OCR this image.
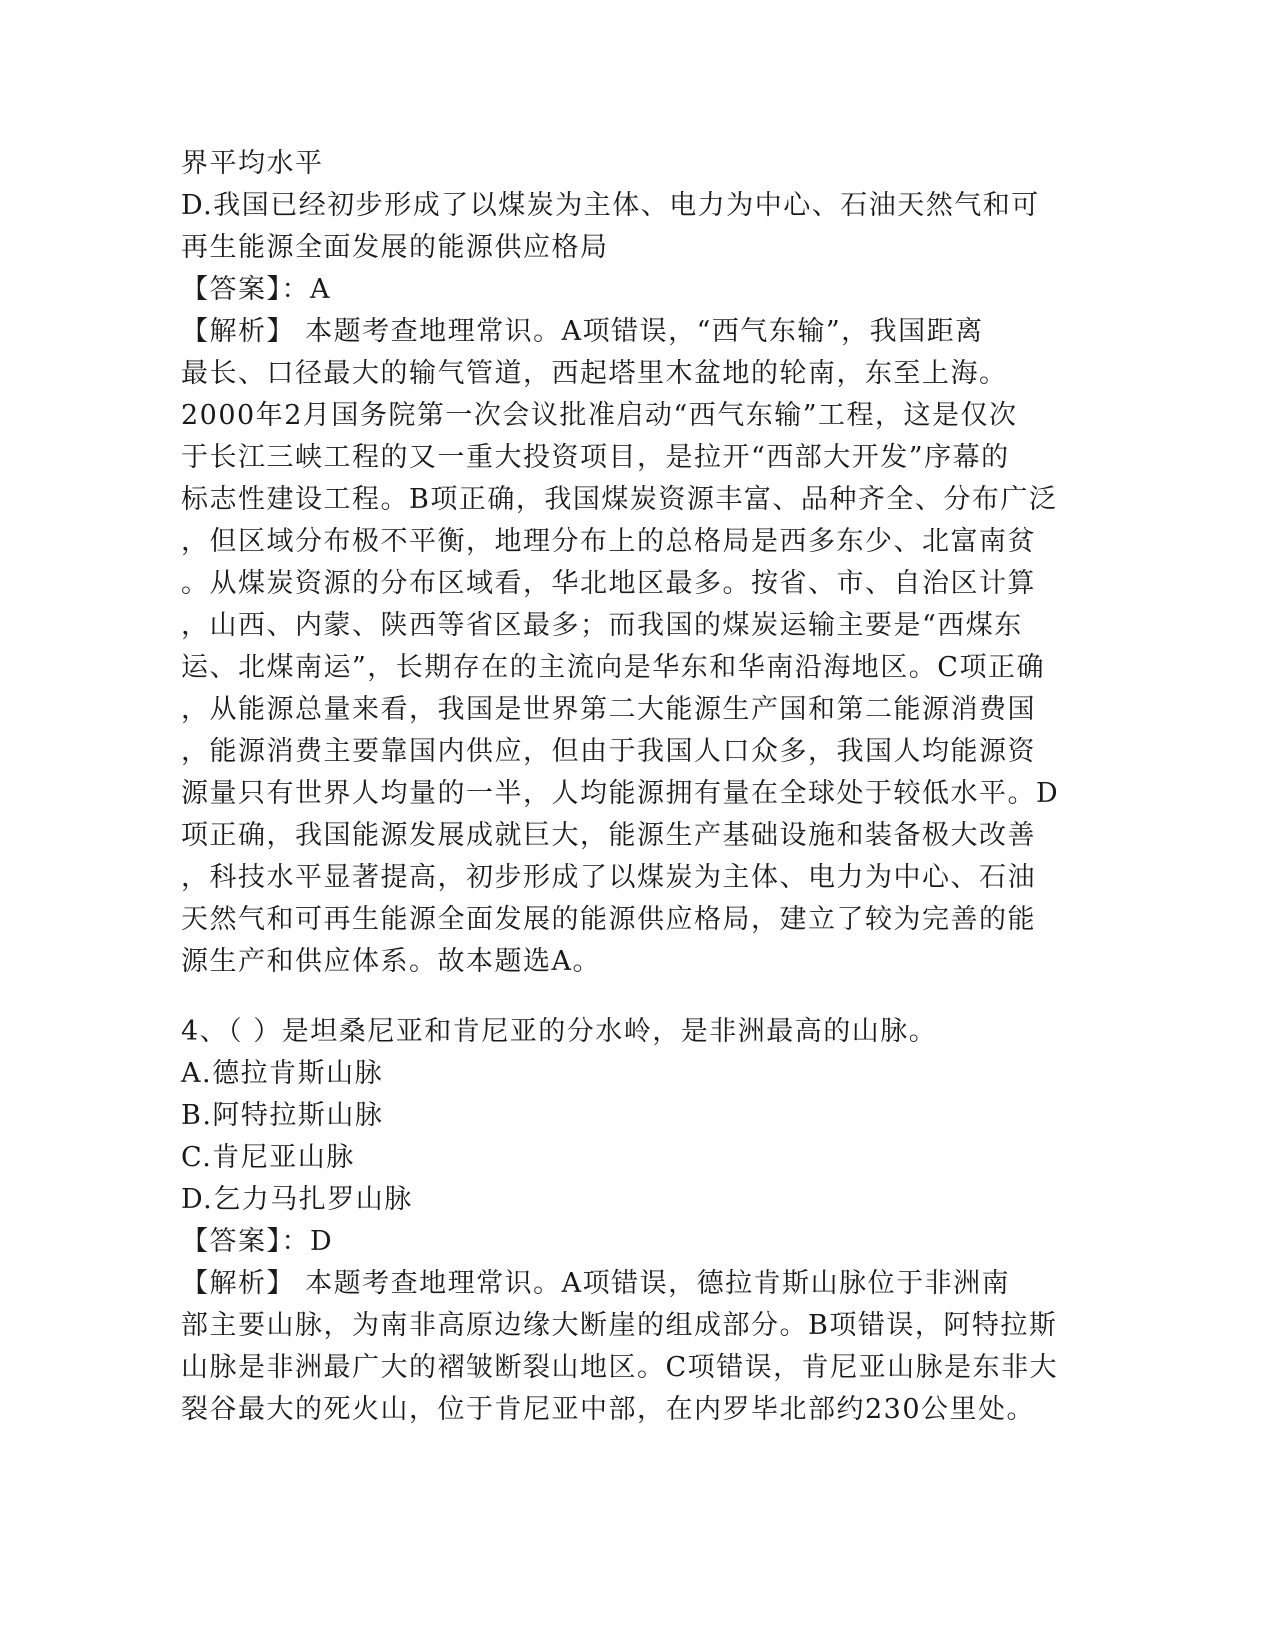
界平均水平
D.我国已经初步形成了以煤炭为主体、电力为中心、石油天然气和可
再生能源全面发展的能源供应格局
【答案】：A
【解析】 本题考查地理常识。A项错误，“西气东输”，我国距离
最长、口径最大的输气管道，西起塔里木盆地的轮南，东至上海。
2000年2月国务院第一次会议批准启动“西气东输”工程，这是仅次
于长江三峡工程的又一重大投资项目，是拉开“西部大开发”序幕的
标志性建设工程。B项正确，我国煤炭资源丰富、品种齐全、分布广泛
，但区域分布极不平衡，地理分布上的总格局是西多东少、北富南贫
。从煤炭资源的分布区域看，华北地区最多。按省、市、自治区计算
，山西、内蒙、陕西等省区最多；而我国的煤炭运输主要是“西煤东
运、北煤南运”，长期存在的主流向是华东和华南沿海地区。C项正确
，从能源总量来看，我国是世界第二大能源生产国和第二能源消费国
，能源消费主要靠国内供应，但由于我国人口众多，我国人均能源资
源量只有世界人均量的一半，人均能源拥有量在全球处于较低水平。D
项正确，我国能源发展成就巨大，能源生产基础设施和装备极大改善
，科技水平显著提高，初步形成了以煤炭为主体、电力为中心、石油
天然气和可再生能源全面发展的能源供应格局，建立了较为完善的能
源生产和供应体系。故本题选A。
4、（ ）是坦桑尼亚和肯尼亚的分水岭，是非洲最高的山脉。
A.德拉肯斯山脉
B.阿特拉斯山脉
C.肯尼亚山脉
D.乞力马扎罗山脉
【答案】：D
【解析】 本题考查地理常识。A项错误，德拉肯斯山脉位于非洲南
部主要山脉，为南非高原边缘大断崖的组成部分。B项错误，阿特拉斯
山脉是非洲最广大的褶皱断裂山地区。C项错误，肯尼亚山脉是东非大
裂谷最大的死火山，位于肯尼亚中部，在内罗毕北部约230公里处。
